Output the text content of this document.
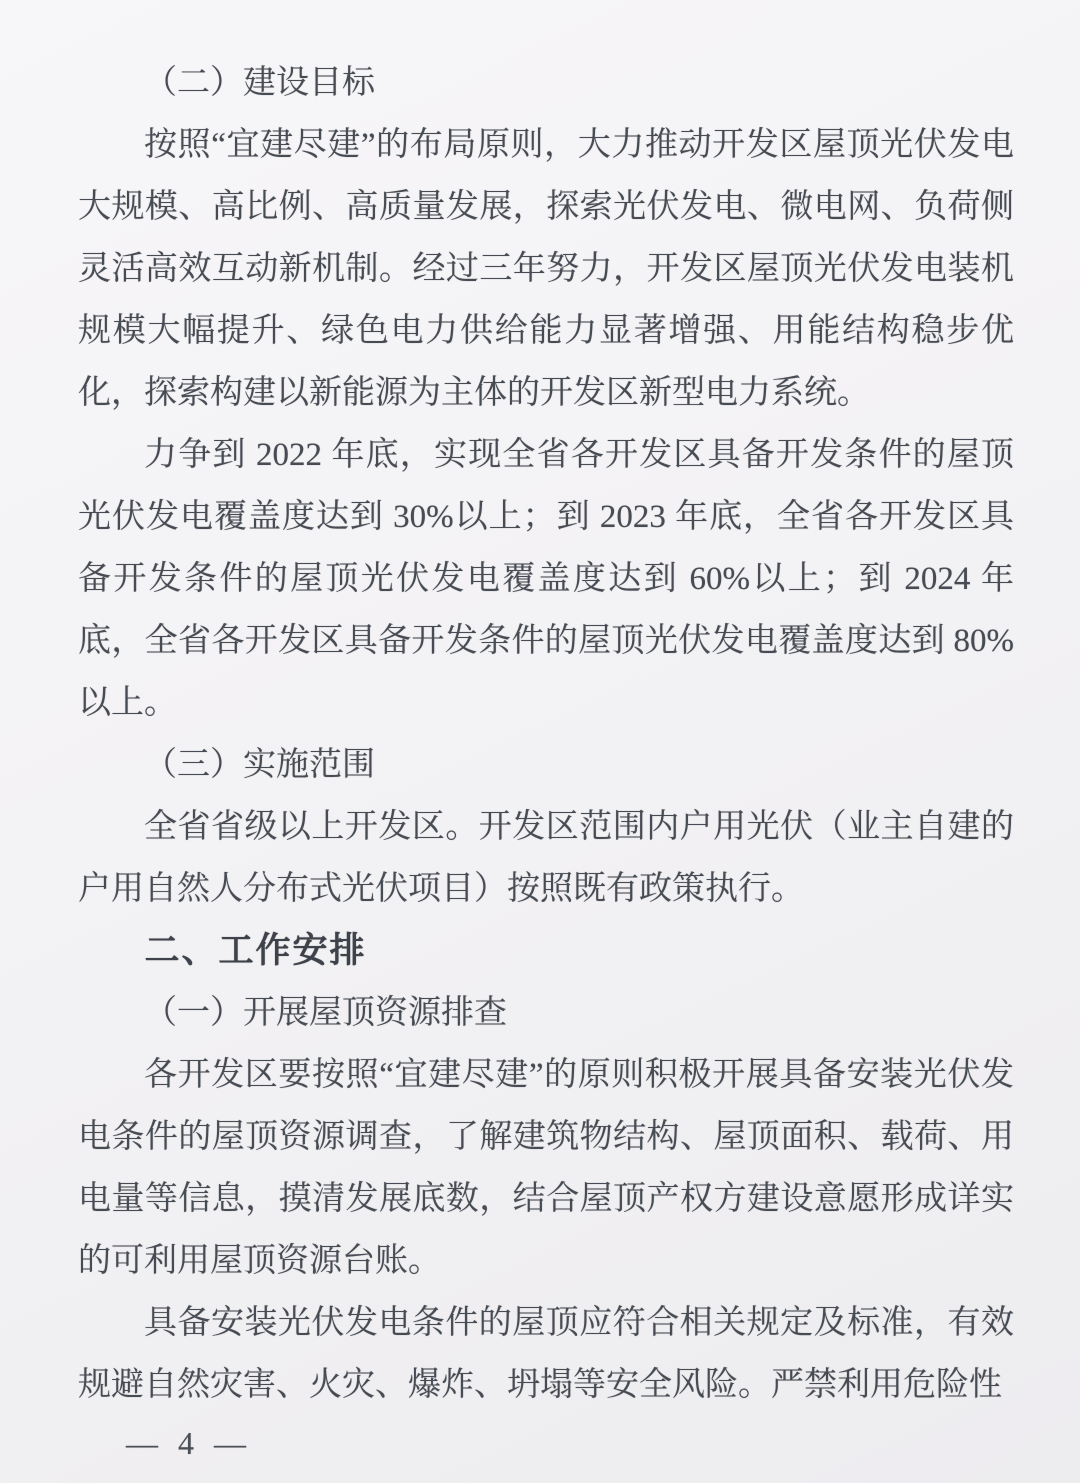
（二）建设目标

按照“宜建尽建”的布局原则，大力推动开发区屋顶光伏发电大规模、高比例、高质量发展，探索光伏发电、微电网、负荷侧灵活高效互动新机制。经过三年努力，开发区屋顶光伏发电装机规模大幅提升、绿色电力供给能力显著增强、用能结构稳步优化，探索构建以新能源为主体的开发区新型电力系统。

力争到 2022 年底，实现全省各开发区具备开发条件的屋顶光伏发电覆盖度达到 30%以上；到 2023 年底，全省各开发区具备开发条件的屋顶光伏发电覆盖度达到 60%以上；到 2024 年底，全省各开发区具备开发条件的屋顶光伏发电覆盖度达到 80%以上。

（三）实施范围

全省省级以上开发区。开发区范围内户用光伏（业主自建的户用自然人分布式光伏项目）按照既有政策执行。

二、工作安排
（一）开展屋顶资源排查

各开发区要按照“宜建尽建”的原则积极开展具备安装光伏发电条件的屋顶资源调查，了解建筑物结构、屋顶面积、载荷、用电量等信息，摸清发展底数，结合屋顶产权方建设意愿形成详实的可利用屋顶资源台账。

具备安装光伏发电条件的屋顶应符合相关规定及标准，有效规避自然灾害、火灾、爆炸、坍塌等安全风险。严禁利用危险性

— 4 —
